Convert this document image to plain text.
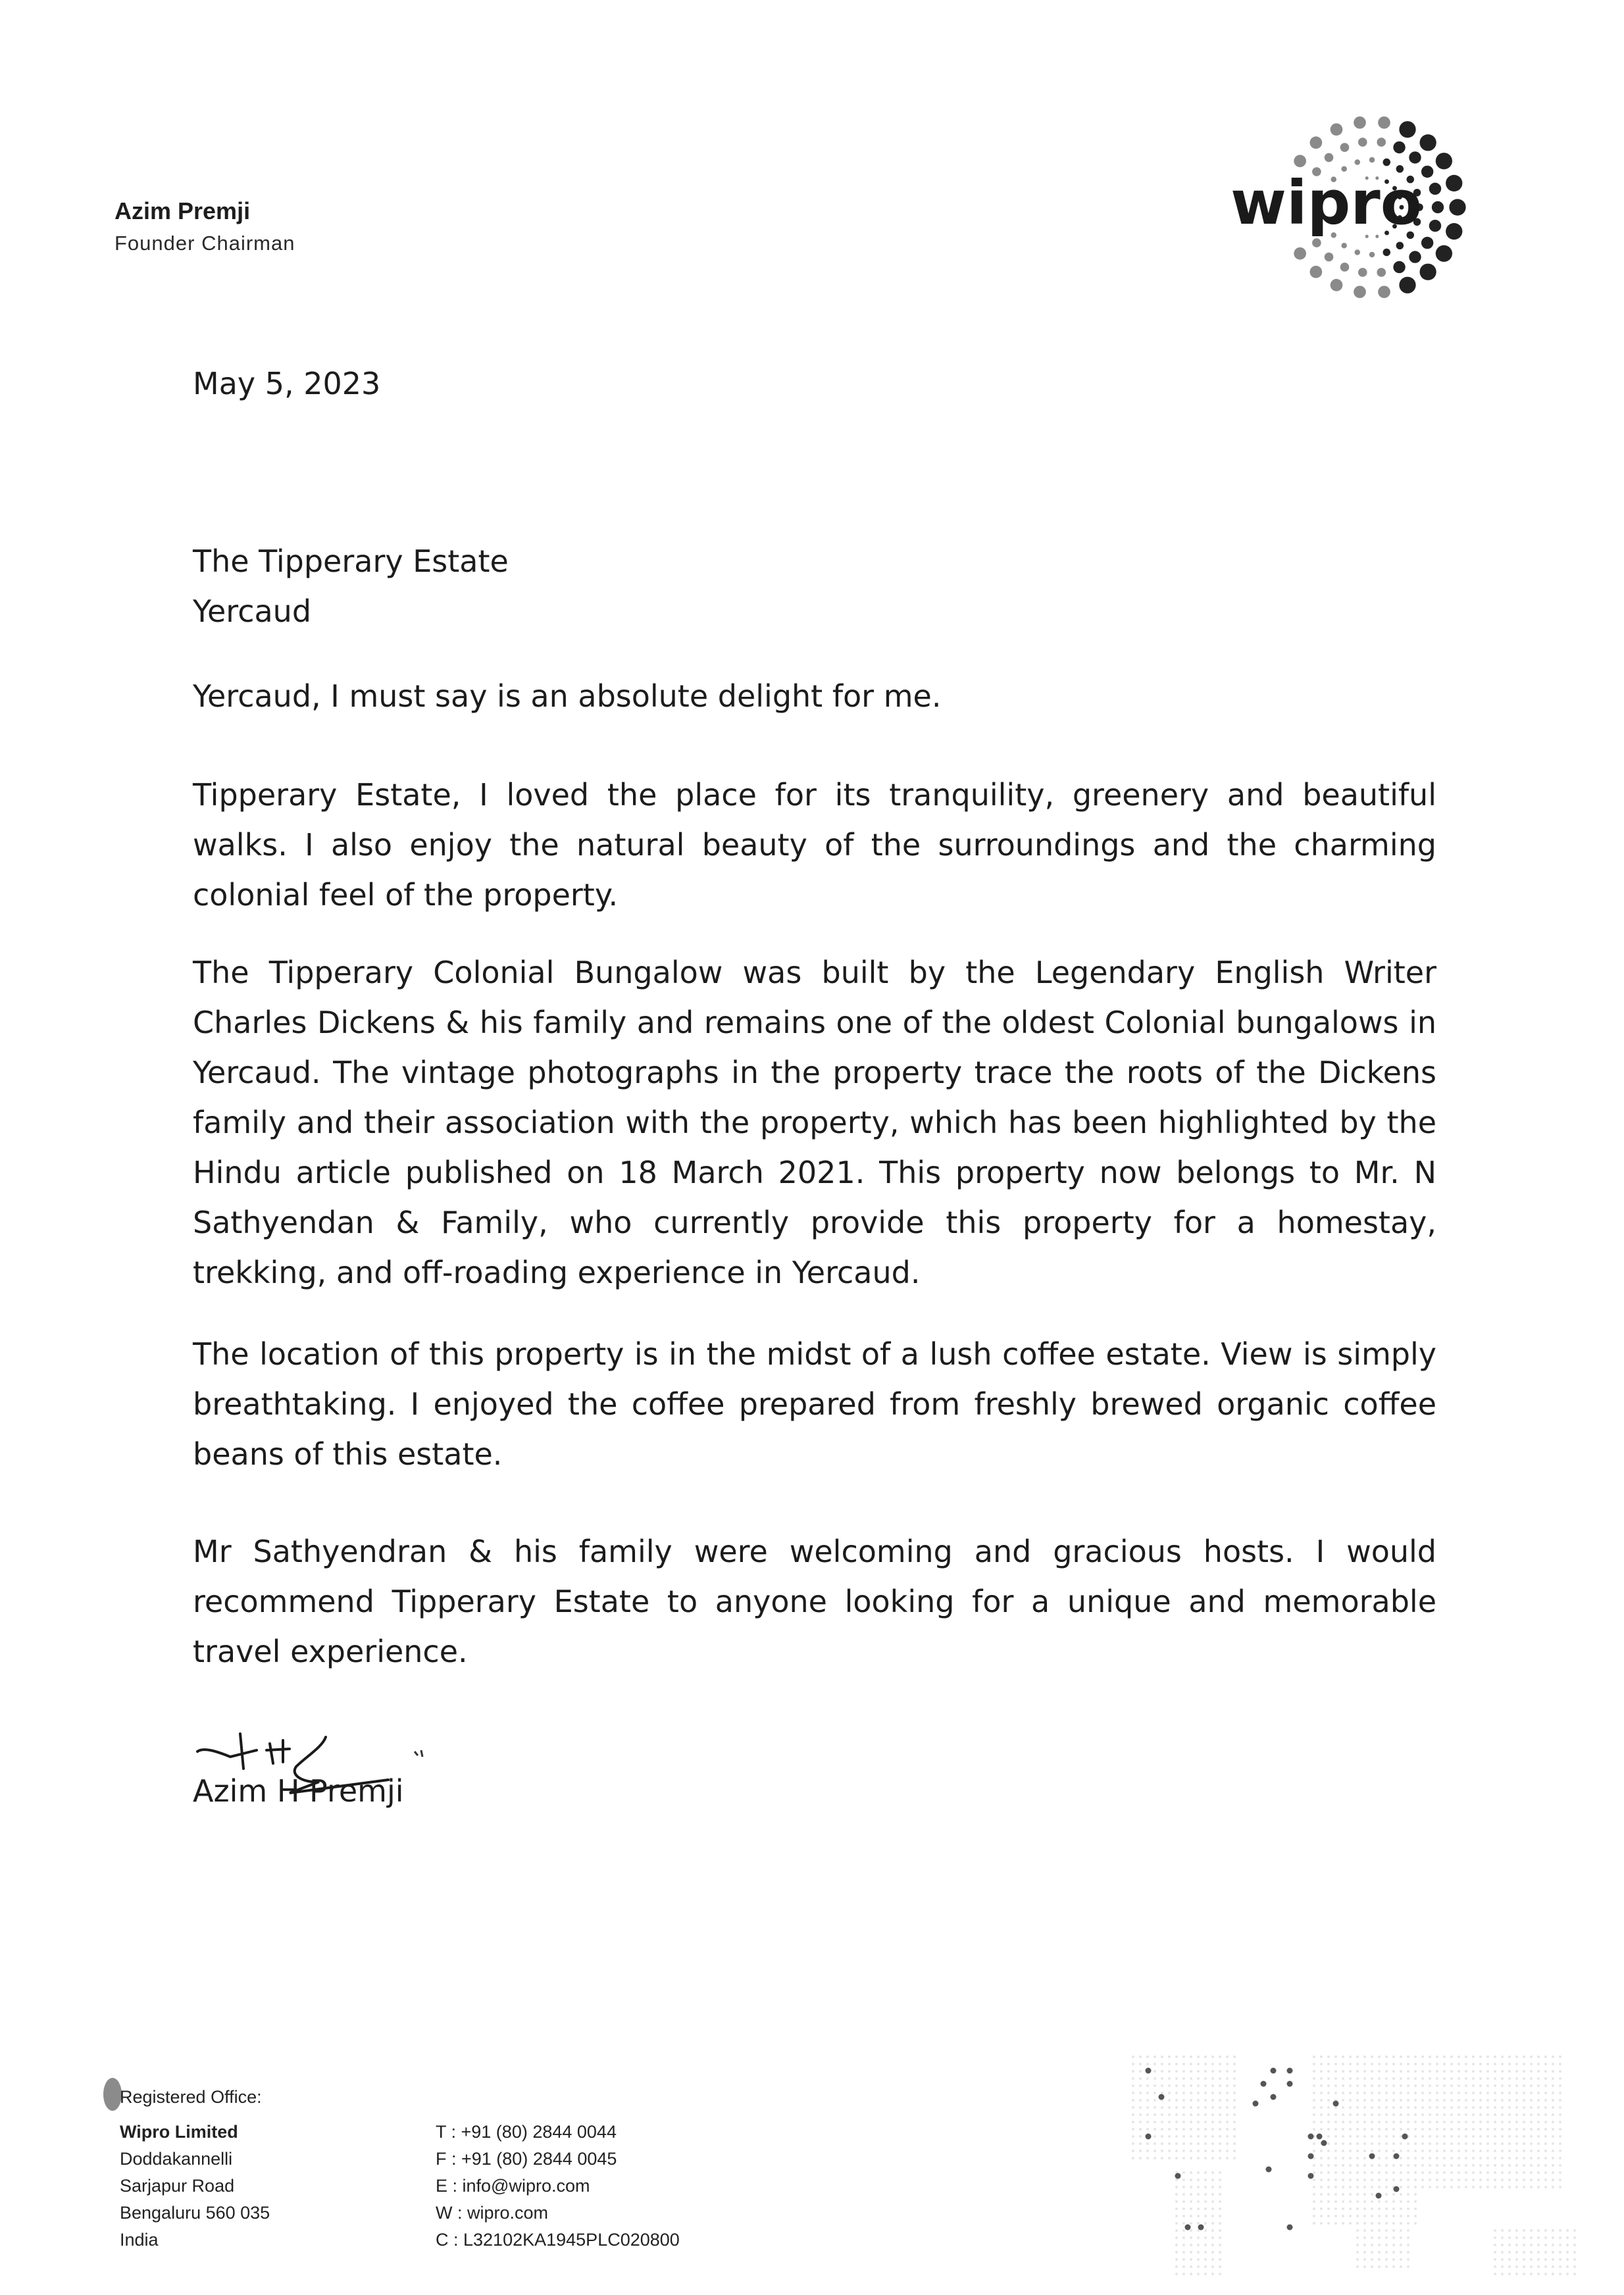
Azim Premji
Founder Chairman
wipro
May 5, 2023
The Tipperary Estate
Yercaud

Yercaud, I must say is an absolute delight for me.

Tipperary Estate, I loved the place for its tranquility, greenery and beautiful walks. I also enjoy the natural beauty of the surroundings and the charming colonial feel of the property.

The Tipperary Colonial Bungalow was built by the Legendary English Writer Charles Dickens & his family and remains one of the oldest Colonial bungalows in Yercaud. The vintage photographs in the property trace the roots of the Dickens family and their association with the property, which has been highlighted by the Hindu article published on 18 March 2021. This property now belongs to Mr. N Sathyendan & Family, who currently provide this property for a homestay, trekking, and off-roading experience in Yercaud.

The location of this property is in the midst of a lush coffee estate. View is simply breathtaking. I enjoyed the coffee prepared from freshly brewed organic coffee beans of this estate.

Mr Sathyendran & his family were welcoming and gracious hosts. I would recommend Tipperary Estate to anyone looking for a unique and memorable travel experience.

Azim H Premji
Registered Office:
Wipro Limited
Doddakannelli
Sarjapur Road
Bengaluru 560 035
India
T : +91 (80) 2844 0044
F : +91 (80) 2844 0045
E : info@wipro.com
W : wipro.com
C : L32102KA1945PLC020800
